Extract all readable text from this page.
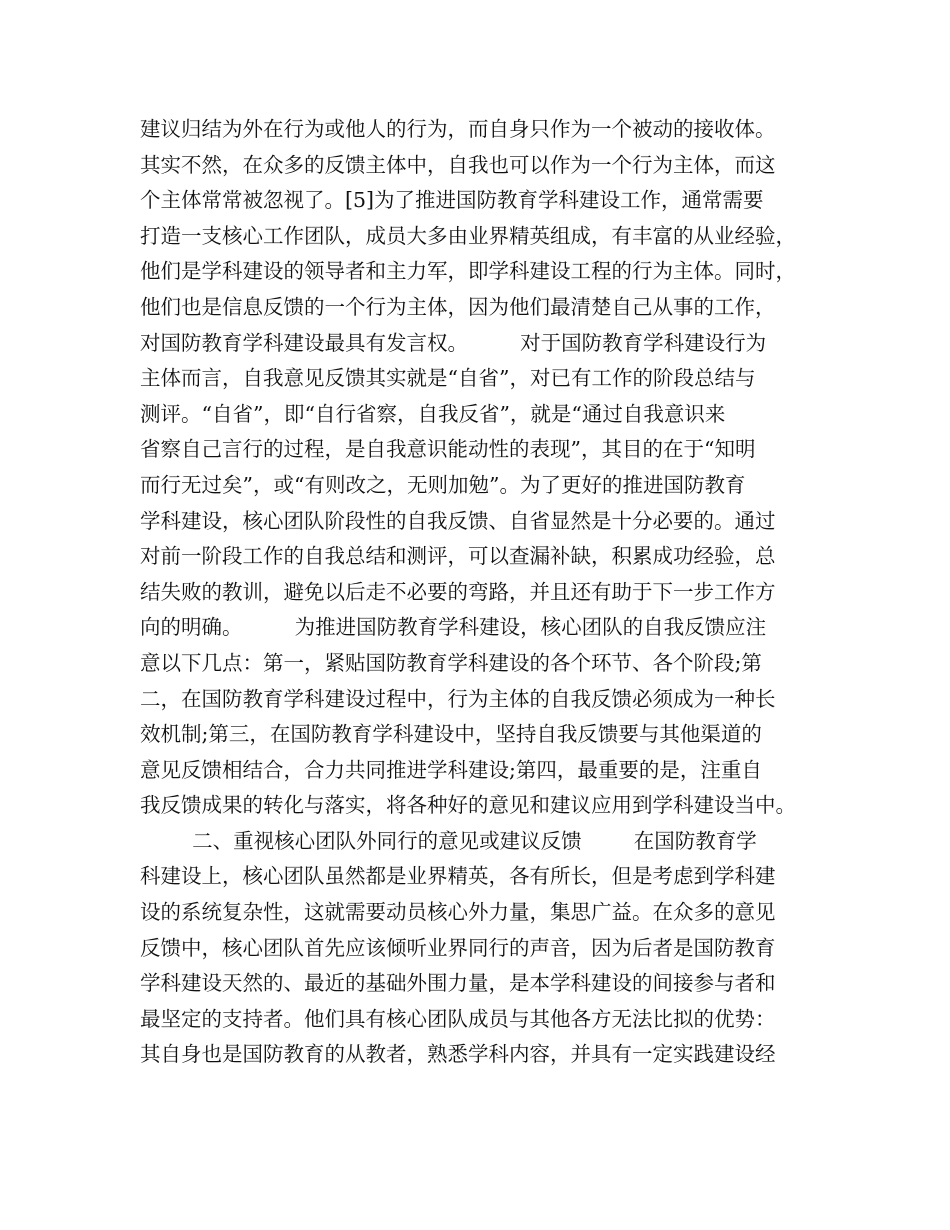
建议归结为外在行为或他人的行为，而自身只作为一个被动的接收体。
其实不然，在众多的反馈主体中，自我也可以作为一个行为主体，而这
个主体常常被忽视了。[5]为了推进国防教育学科建设工作，通常需要
打造一支核心工作团队，成员大多由业界精英组成，有丰富的从业经验，
他们是学科建设的领导者和主力军，即学科建设工程的行为主体。同时，
他们也是信息反馈的一个行为主体，因为他们最清楚自己从事的工作，
对国防教育学科建设最具有发言权。        对于国防教育学科建设行为
主体而言，自我意见反馈其实就是“自省”，对已有工作的阶段总结与
测评。“自省”，即“自行省察，自我反省”，就是“通过自我意识来
省察自己言行的过程，是自我意识能动性的表现”，其目的在于“知明
而行无过矣”，或“有则改之，无则加勉”。为了更好的推进国防教育
学科建设，核心团队阶段性的自我反馈、自省显然是十分必要的。通过
对前一阶段工作的自我总结和测评，可以查漏补缺，积累成功经验，总
结失败的教训，避免以后走不必要的弯路，并且还有助于下一步工作方
向的明确。        为推进国防教育学科建设，核心团队的自我反馈应注
意以下几点：第一，紧贴国防教育学科建设的各个环节、各个阶段;第
二，在国防教育学科建设过程中，行为主体的自我反馈必须成为一种长
效机制;第三，在国防教育学科建设中，坚持自我反馈要与其他渠道的
意见反馈相结合，合力共同推进学科建设;第四，最重要的是，注重自
我反馈成果的转化与落实，将各种好的意见和建议应用到学科建设当中。
二、重视核心团队外同行的意见或建议反馈        在国防教育学
科建设上，核心团队虽然都是业界精英，各有所长，但是考虑到学科建
设的系统复杂性，这就需要动员核心外力量，集思广益。在众多的意见
反馈中，核心团队首先应该倾听业界同行的声音，因为后者是国防教育
学科建设天然的、最近的基础外围力量，是本学科建设的间接参与者和
最坚定的支持者。他们具有核心团队成员与其他各方无法比拟的优势：
其自身也是国防教育的从教者，熟悉学科内容，并具有一定实践建设经
